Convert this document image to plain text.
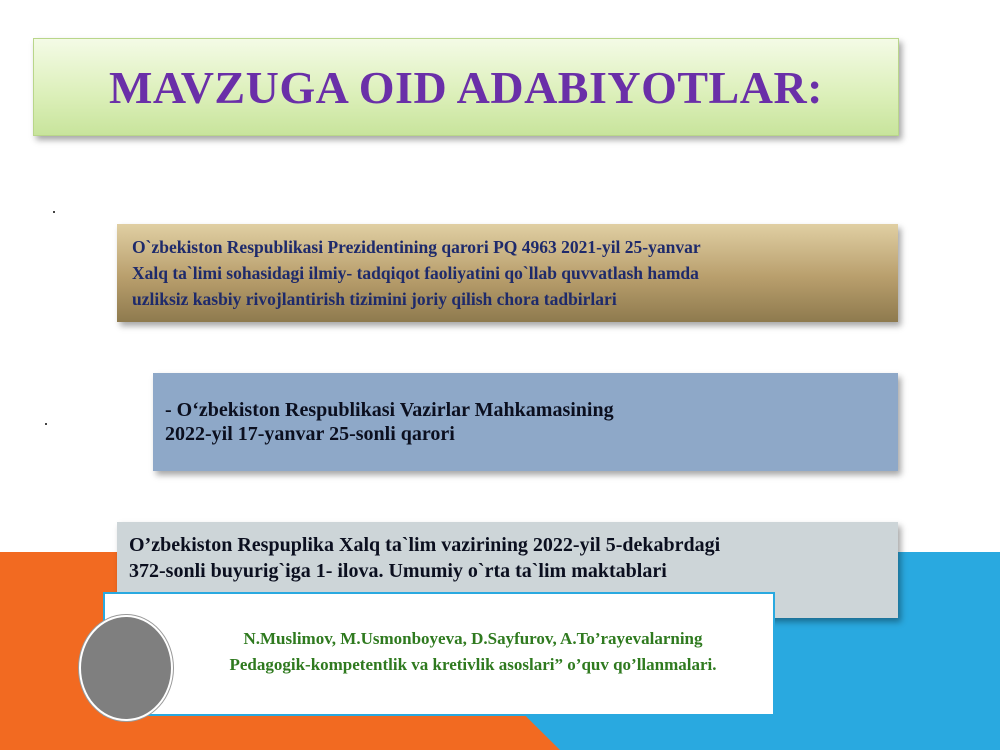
MAVZUGA OID ADABIYOTLAR:
O`zbekiston Respublikasi Prezidentining qarori PQ 4963 2021-yil 25-yanvar
Xalq ta`limi sohasidagi ilmiy- tadqiqot faoliyatini qo`llab quvvatlash hamda
uzliksiz kasbiy rivojlantirish tizimini joriy qilish chora tadbirlari
- O‘zbekiston Respublikasi Vazirlar Mahkamasining
2022-yil 17-yanvar 25-sonli qarori
O’zbekiston Respuplika Xalq ta`lim vazirining 2022-yil 5-dekabrdagi
372-sonli buyurig`iga 1- ilova. Umumiy o`rta ta`lim maktablari
N.Muslimov, M.Usmonboyeva, D.Sayfurov, A.To’rayevalarning
Pedagogik-kompetentlik va kretivlik asoslari” o’quv qo’llanmalari.
